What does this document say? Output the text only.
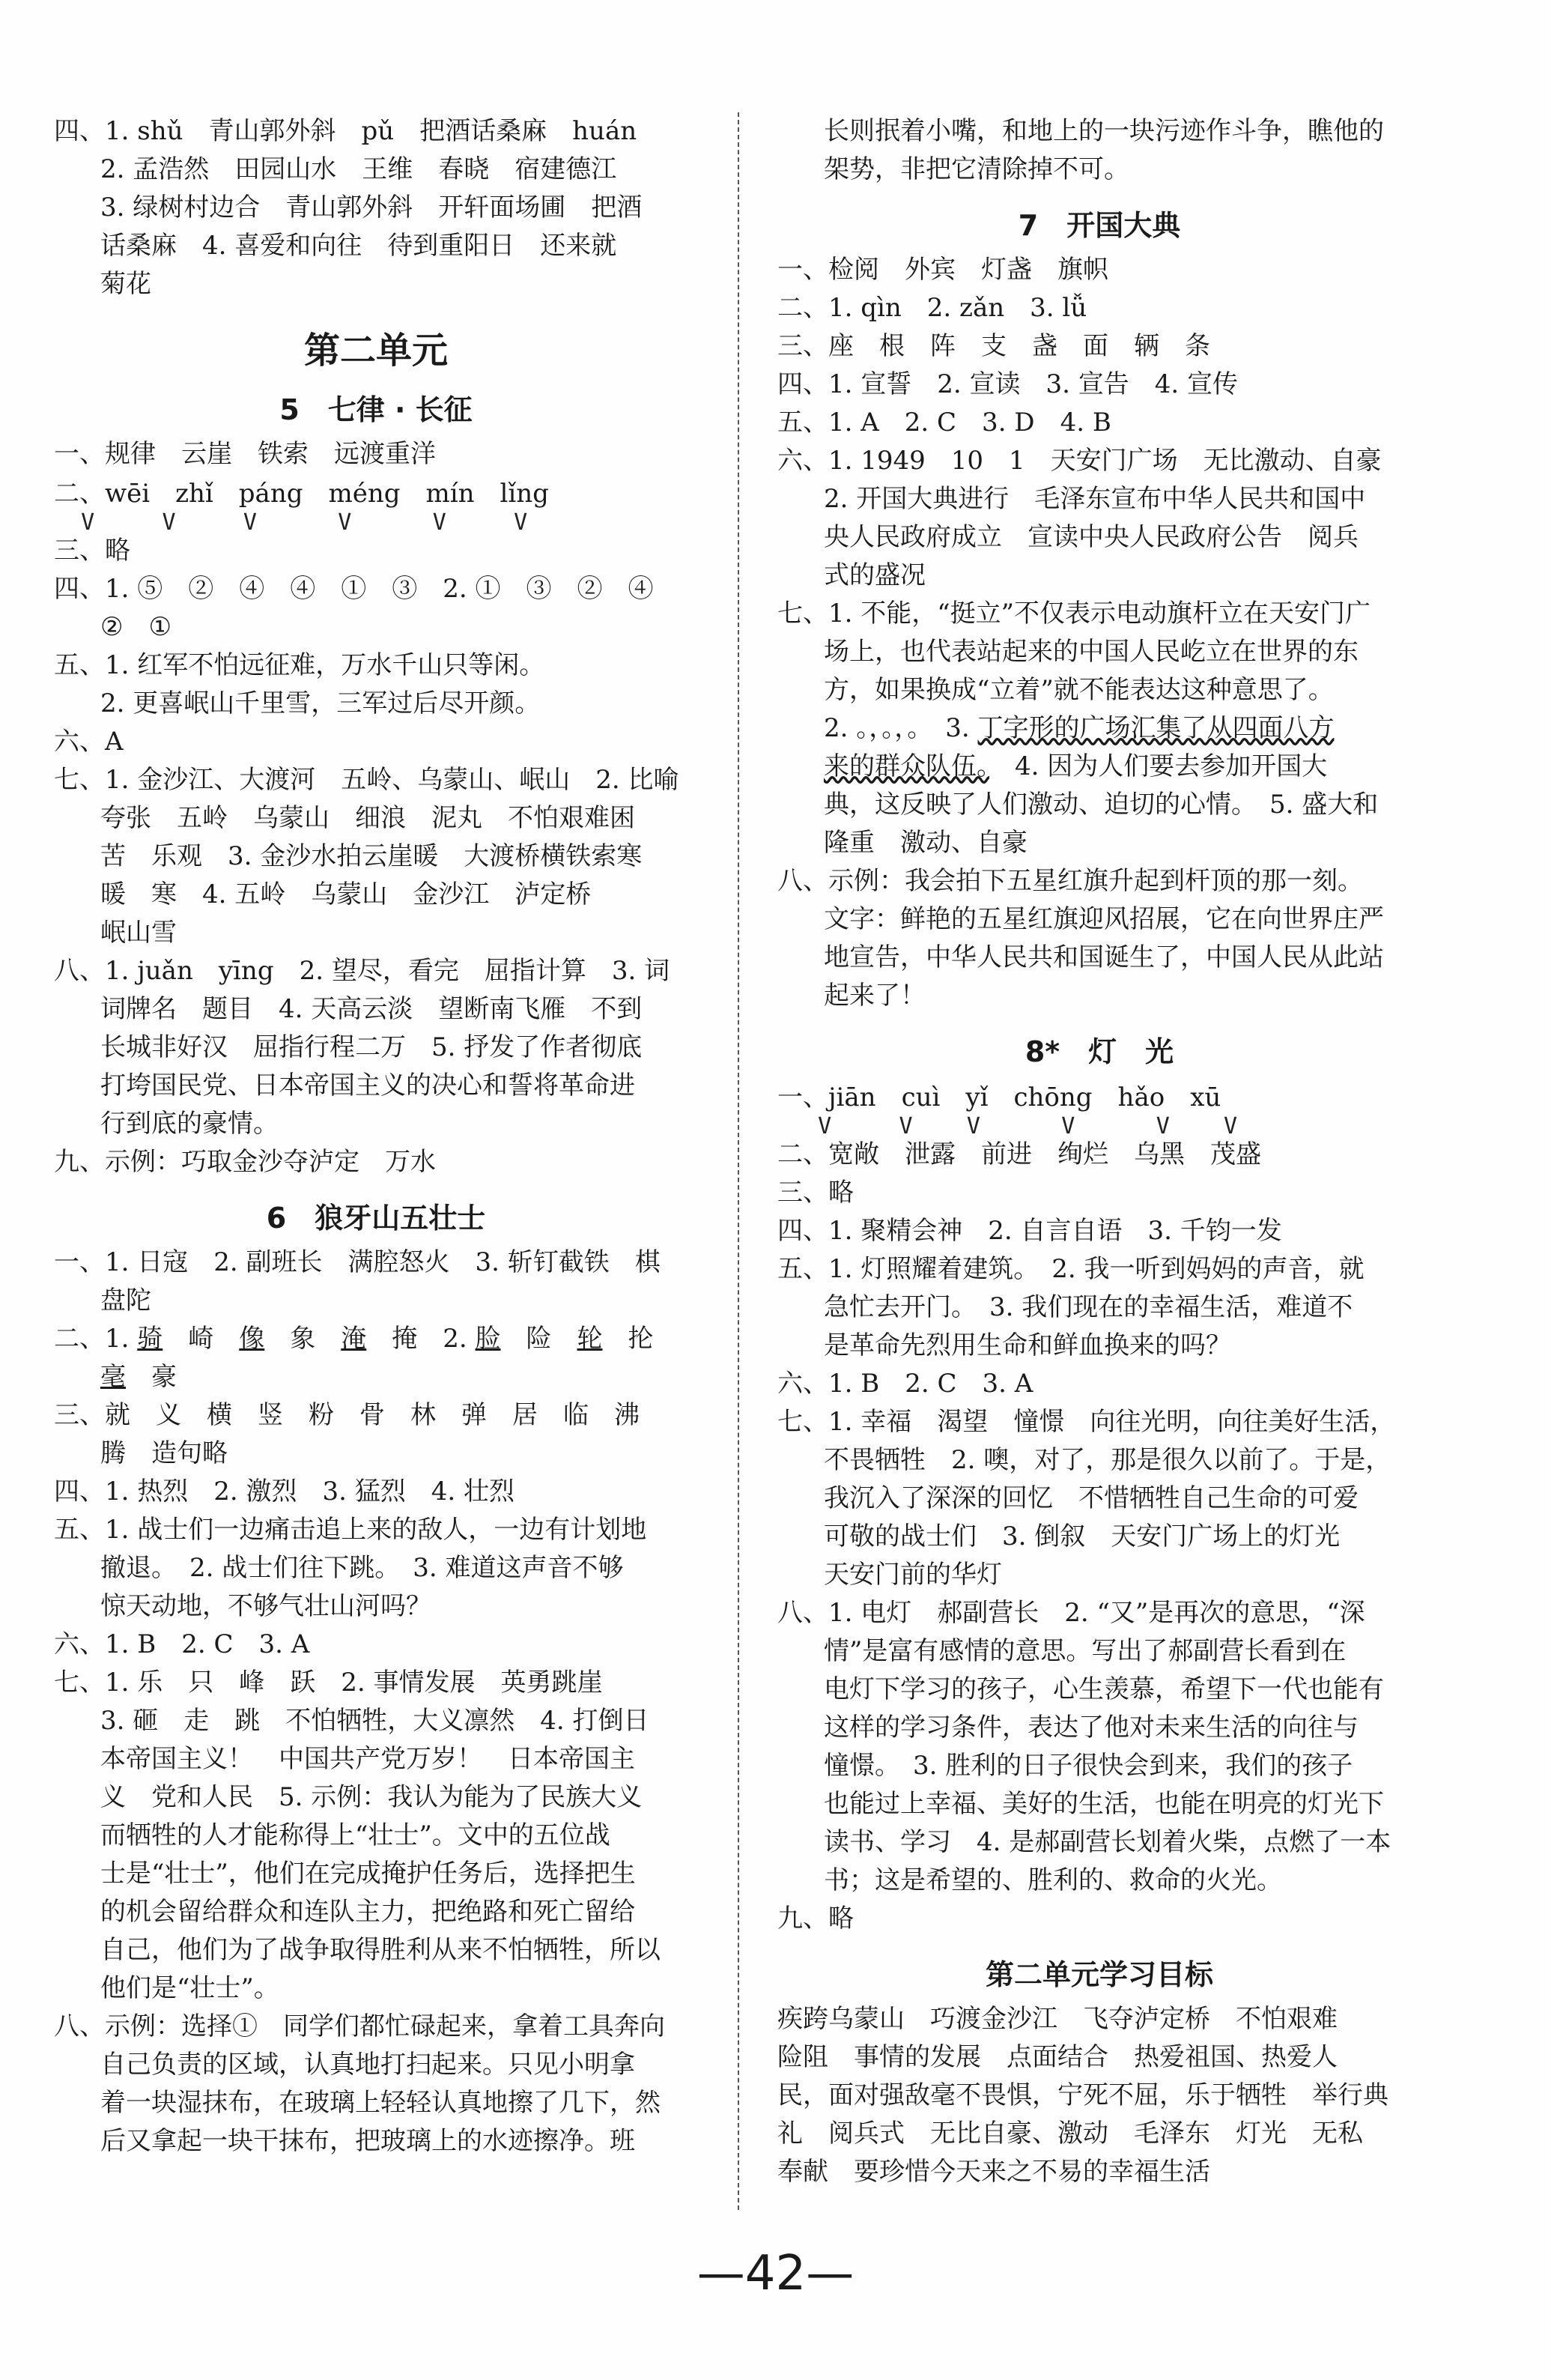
四、1. shǔ　青山郭外斜　pǔ　把酒话桑麻　huán
2. 孟浩然　田园山水　王维　春晓　宿建德江
3. 绿树村边合　青山郭外斜　开轩面场圃　把酒
话桑麻　4. 喜爱和向往　待到重阳日　还来就
菊花
第二单元
5　七律 · 长征
一、规律　云崖　铁索　远渡重洋
二、wēi　zhǐ　páng　méng　mín　lǐng
V     V     V      V      V     V
三、略
四、1. ⑤　②　④　④　①　③　2. ①　③　②　④
②　①
五、1. 红军不怕远征难，万水千山只等闲。
2. 更喜岷山千里雪，三军过后尽开颜。
六、A
七、1. 金沙江、大渡河　五岭、乌蒙山、岷山　2. 比喻
夸张　五岭　乌蒙山　细浪　泥丸　不怕艰难困
苦　乐观　3. 金沙水拍云崖暖　大渡桥横铁索寒
暖　寒　4. 五岭　乌蒙山　金沙江　泸定桥
岷山雪
八、1. juǎn　yīng　2. 望尽，看完　屈指计算　3. 词
词牌名　题目　4. 天高云淡　望断南飞雁　不到
长城非好汉　屈指行程二万　5. 抒发了作者彻底
打垮国民党、日本帝国主义的决心和誓将革命进
行到底的豪情。
九、示例：巧取金沙夺泸定　万水
6　狼牙山五壮士
一、1. 日寇　2. 副班长　满腔怒火　3. 斩钉截铁　棋
盘陀
二、1. 骑　崎　像　象　淹　掩　2. 脸　险　轮　抡
毫　豪
三、就　义　横　竖　粉　骨　林　弹　居　临　沸
腾　造句略
四、1. 热烈　2. 激烈　3. 猛烈　4. 壮烈
五、1. 战士们一边痛击追上来的敌人，一边有计划地
撤退。　2. 战士们往下跳。　3. 难道这声音不够
惊天动地，不够气壮山河吗？
六、1. B　2. C　3. A
七、1. 乐　只　峰　跃　2. 事情发展　英勇跳崖
3. 砸　走　跳　不怕牺牲，大义凛然　4. 打倒日
本帝国主义！　中国共产党万岁！　日本帝国主
义　党和人民　5. 示例：我认为能为了民族大义
而牺牲的人才能称得上“壮士”。文中的五位战
士是“壮士”，他们在完成掩护任务后，选择把生
的机会留给群众和连队主力，把绝路和死亡留给
自己，他们为了战争取得胜利从来不怕牺牲，所以
他们是“壮士”。
八、示例：选择①　同学们都忙碌起来，拿着工具奔向
自己负责的区域，认真地打扫起来。只见小明拿
着一块湿抹布，在玻璃上轻轻认真地擦了几下，然
后又拿起一块干抹布，把玻璃上的水迹擦净。班
长则抿着小嘴，和地上的一块污迹作斗争，瞧他的
架势，非把它清除掉不可。
7　开国大典
一、检阅　外宾　灯盏　旗帜
二、1. qìn　2. zǎn　3. lǚ
三、座　根　阵　支　盏　面　辆　条
四、1. 宣誓　2. 宣读　3. 宣告　4. 宣传
五、1. A　2. C　3. D　4. B
六、1. 1949　10　1　天安门广场　无比激动、自豪
2. 开国大典进行　毛泽东宣布中华人民共和国中
央人民政府成立　宣读中央人民政府公告　阅兵
式的盛况
七、1. 不能，“挺立”不仅表示电动旗杆立在天安门广
场上，也代表站起来的中国人民屹立在世界的东
方，如果换成“立着”就不能表达这种意思了。
2. 。，。，。　3. 丁字形的广场汇集了从四面八方
来的群众队伍。　4. 因为人们要去参加开国大
典，这反映了人们激动、迫切的心情。　5. 盛大和
隆重　激动、自豪
八、示例：我会拍下五星红旗升起到杆顶的那一刻。
文字：鲜艳的五星红旗迎风招展，它在向世界庄严
地宣告，中华人民共和国诞生了，中国人民从此站
起来了！
8*　灯　光
一、jiān　cuì　yǐ　chōng　hǎo　xū
V     V    V      V      V    V
二、宽敞　泄露　前进　绚烂　乌黑　茂盛
三、略
四、1. 聚精会神　2. 自言自语　3. 千钧一发
五、1. 灯照耀着建筑。　2. 我一听到妈妈的声音，就
急忙去开门。　3. 我们现在的幸福生活，难道不
是革命先烈用生命和鲜血换来的吗？
六、1. B　2. C　3. A
七、1. 幸福　渴望　憧憬　向往光明，向往美好生活，
不畏牺牲　2. 噢，对了，那是很久以前了。于是，
我沉入了深深的回忆　不惜牺牲自己生命的可爱
可敬的战士们　3. 倒叙　天安门广场上的灯光
天安门前的华灯
八、1. 电灯　郝副营长　2. “又”是再次的意思，“深
情”是富有感情的意思。写出了郝副营长看到在
电灯下学习的孩子，心生羡慕，希望下一代也能有
这样的学习条件，表达了他对未来生活的向往与
憧憬。　3. 胜利的日子很快会到来，我们的孩子
也能过上幸福、美好的生活，也能在明亮的灯光下
读书、学习　4. 是郝副营长划着火柴，点燃了一本
书；这是希望的、胜利的、救命的火光。
九、略
第二单元学习目标
疾跨乌蒙山　巧渡金沙江　飞夺泸定桥　不怕艰难
险阻　事情的发展　点面结合　热爱祖国、热爱人
民，面对强敌毫不畏惧，宁死不屈，乐于牺牲　举行典
礼　阅兵式　无比自豪、激动　毛泽东　灯光　无私
奉献　要珍惜今天来之不易的幸福生活
—42—
